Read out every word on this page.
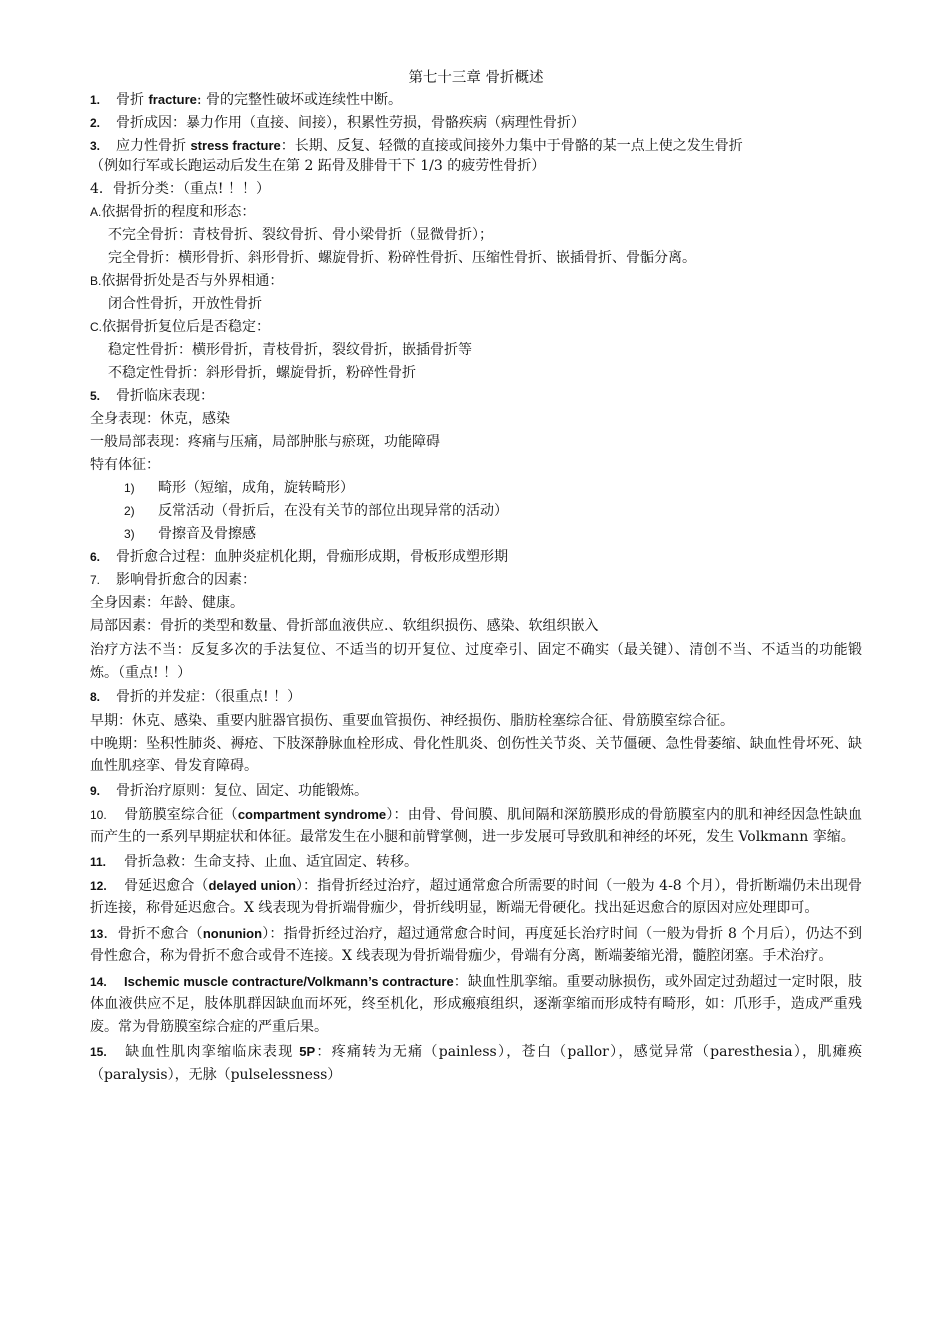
第七十三章 骨折概述

1. 骨折 fracture: 骨的完整性破坏或连续性中断。

2. 骨折成因：暴力作用（直接、间接），积累性劳损，骨骼疾病（病理性骨折）

3. 应力性骨折 stress fracture：长期、反复、轻微的直接或间接外力集中于骨骼的某一点上使之发生骨折

（例如行军或长跑运动后发生在第 2 跖骨及腓骨干下 1/3 的疲劳性骨折）

4．骨折分类：（重点! ！！）

A.依据骨折的程度和形态：

不完全骨折：青枝骨折、裂纹骨折、骨小梁骨折（显微骨折）；

完全骨折：横形骨折、斜形骨折、螺旋骨折、粉碎性骨折、压缩性骨折、嵌插骨折、骨骺分离。

B.依据骨折处是否与外界相通：

闭合性骨折，开放性骨折

C.依据骨折复位后是否稳定：

稳定性骨折：横形骨折，青枝骨折，裂纹骨折，嵌插骨折等

不稳定性骨折：斜形骨折，螺旋骨折，粉碎性骨折

5. 骨折临床表现：

全身表现：休克，感染

一般局部表现：疼痛与压痛，局部肿胀与瘀斑，功能障碍

特有体征：

1) 畸形（短缩，成角，旋转畸形）

2) 反常活动（骨折后，在没有关节的部位出现异常的活动）

3) 骨擦音及骨擦感

6. 骨折愈合过程：血肿炎症机化期，骨痂形成期，骨板形成塑形期

7. 影响骨折愈合的因素：

全身因素：年龄、健康。

局部因素：骨折的类型和数量、骨折部血液供应.、软组织损伤、感染、软组织嵌入

治疗方法不当：反复多次的手法复位、不适当的切开复位、过度牵引、固定不确实（最关键）、清创不当、不适当的功能锻炼。（重点! ！）

8. 骨折的并发症：（很重点! ！）

早期：休克、感染、重要内脏器官损伤、重要血管损伤、神经损伤、脂肪栓塞综合征、骨筋膜室综合征。

中晚期：坠积性肺炎、褥疮、下肢深静脉血栓形成、骨化性肌炎、创伤性关节炎、关节僵硬、急性骨萎缩、缺血性骨坏死、缺血性肌痉挛、骨发育障碍。

9. 骨折治疗原则：复位、固定、功能锻炼。

10. 骨筋膜室综合征（compartment syndrome）：由骨、骨间膜、肌间隔和深筋膜形成的骨筋膜室内的肌和神经因急性缺血而产生的一系列早期症状和体征。最常发生在小腿和前臂掌侧，进一步发展可导致肌和神经的坏死，发生 Volkmann 挛缩。

11. 骨折急救：生命支持、止血、适宜固定、转移。

12. 骨延迟愈合（delayed union）：指骨折经过治疗，超过通常愈合所需要的时间（一般为 4-8 个月），骨折断端仍未出现骨折连接，称骨延迟愈合。X 线表现为骨折端骨痂少，骨折线明显，断端无骨硬化。找出延迟愈合的原因对应处理即可。

13．骨折不愈合（nonunion）：指骨折经过治疗，超过通常愈合时间，再度延长治疗时间（一般为骨折 8 个月后），仍达不到骨性愈合，称为骨折不愈合或骨不连接。X 线表现为骨折端骨痂少，骨端有分离，断端萎缩光滑，髓腔闭塞。手术治疗。

14. Ischemic muscle contracture/Volkmann’s contracture：缺血性肌挛缩。重要动脉损伤，或外固定过劲超过一定时限，肢体血液供应不足，肢体肌群因缺血而坏死，终至机化，形成瘢痕组织，逐渐挛缩而形成特有畸形，如：爪形手，造成严重残废。常为骨筋膜室综合症的严重后果。

15. 缺血性肌肉挛缩临床表现 5P：疼痛转为无痛（painless），苍白（pallor），感觉异常（paresthesia），肌瘫痪（paralysis），无脉（pulselessness）
